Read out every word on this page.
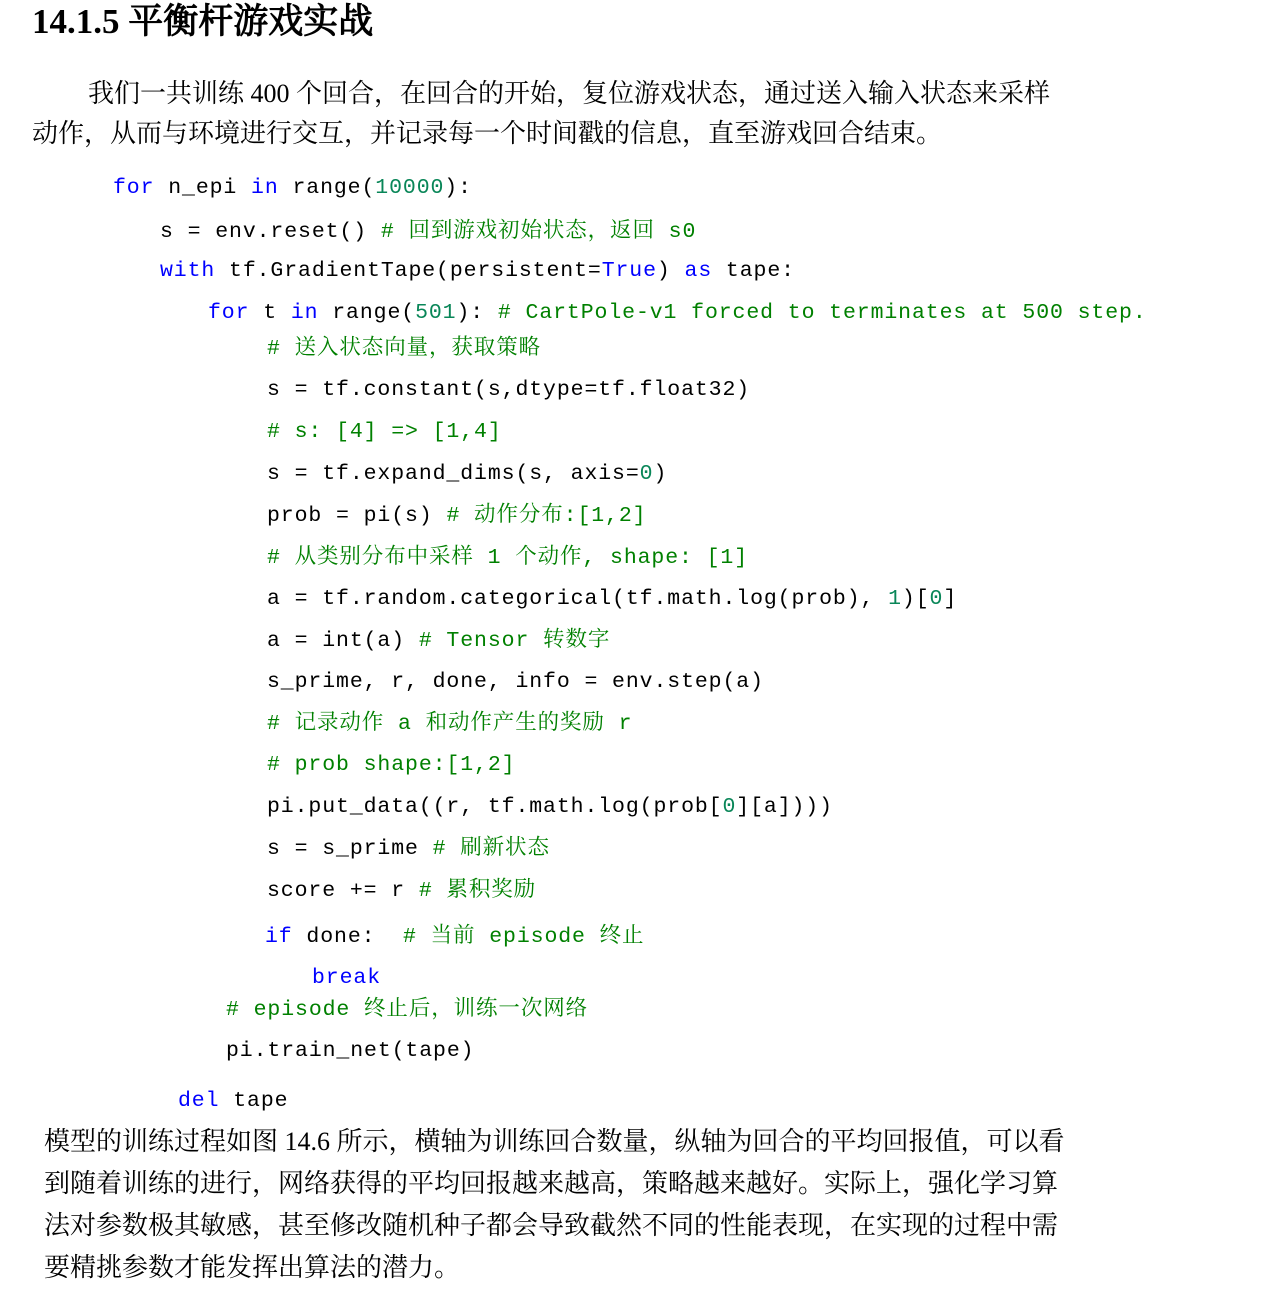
14.1.5 平衡杆游戏实战
我们一共训练 400 个回合，在回合的开始，复位游戏状态，通过送入输入状态来采样
动作，从而与环境进行交互，并记录每一个时间戳的信息，直至游戏回合结束。
for n_epi in range(10000):
s = env.reset() # 回到游戏初始状态，返回 s0
with tf.GradientTape(persistent=True) as tape:
for t in range(501): # CartPole-v1 forced to terminates at 500 step.
# 送入状态向量，获取策略
s = tf.constant(s,dtype=tf.float32)
# s: [4] => [1,4]
s = tf.expand_dims(s, axis=0)
prob = pi(s) # 动作分布:[1,2]
# 从类别分布中采样 1 个动作, shape: [1]
a = tf.random.categorical(tf.math.log(prob), 1)[0]
a = int(a) # Tensor 转数字
s_prime, r, done, info = env.step(a)
# 记录动作 a 和动作产生的奖励 r
# prob shape:[1,2]
pi.put_data((r, tf.math.log(prob[0][a])))
s = s_prime # 刷新状态
score += r # 累积奖励
if done:  # 当前 episode 终止
break
# episode 终止后，训练一次网络
pi.train_net(tape)
del tape
模型的训练过程如图 14.6 所示，横轴为训练回合数量，纵轴为回合的平均回报值，可以看
到随着训练的进行，网络获得的平均回报越来越高，策略越来越好。实际上，强化学习算
法对参数极其敏感，甚至修改随机种子都会导致截然不同的性能表现，在实现的过程中需
要精挑参数才能发挥出算法的潜力。
